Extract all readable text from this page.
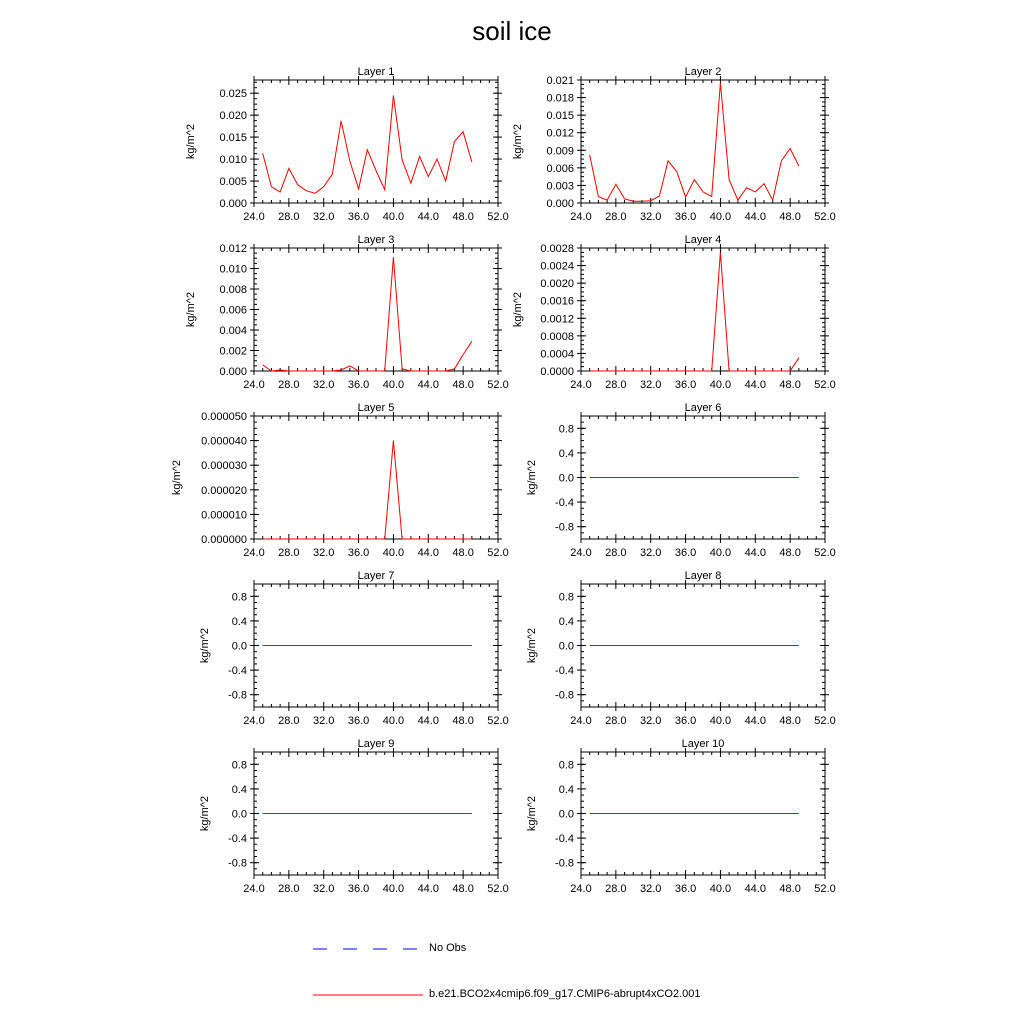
soil ice
Layer 1
kg/m^2
24.0 28.0 32.0 36.0 40.0 44.0 48.0 52.0
0.000
0.005
0.010
0.015
0.020
0.025
Layer 2
kg/m^2
24.0 28.0 32.0 36.0 40.0 44.0 48.0 52.0
0.000
0.003
0.006
0.009
0.012
0.015
0.018
0.021
Layer 3
kg/m^2
24.0 28.0 32.0 36.0 40.0 44.0 48.0 52.0
0.000
0.002
0.004
0.006
0.008
0.010
0.012
Layer 4
kg/m^2
24.0 28.0 32.0 36.0 40.0 44.0 48.0 52.0
0.0000
0.0004
0.0008
0.0012
0.0016
0.0020
0.0024
0.0028
Layer 5
kg/m^2
24.0 28.0 32.0 36.0 40.0 44.0 48.0 52.0
0.000000
0.000010
0.000020
0.000030
0.000040
0.000050
Layer 6
kg/m^2
24.0 28.0 32.0 36.0 40.0 44.0 48.0 52.0
-0.8
-0.4
0.0
0.4
0.8
Layer 7
kg/m^2
24.0 28.0 32.0 36.0 40.0 44.0 48.0 52.0
-0.8
-0.4
0.0
0.4
0.8
Layer 8
kg/m^2
24.0 28.0 32.0 36.0 40.0 44.0 48.0 52.0
-0.8
-0.4
0.0
0.4
0.8
Layer 9
kg/m^2
24.0 28.0 32.0 36.0 40.0 44.0 48.0 52.0
-0.8
-0.4
0.0
0.4
0.8
Layer 10
kg/m^2
24.0 28.0 32.0 36.0 40.0 44.0 48.0 52.0
-0.8
-0.4
0.0
0.4
0.8
No Obs
b.e21.BCO2x4cmip6.f09_g17.CMIP6-abrupt4xCO2.001
